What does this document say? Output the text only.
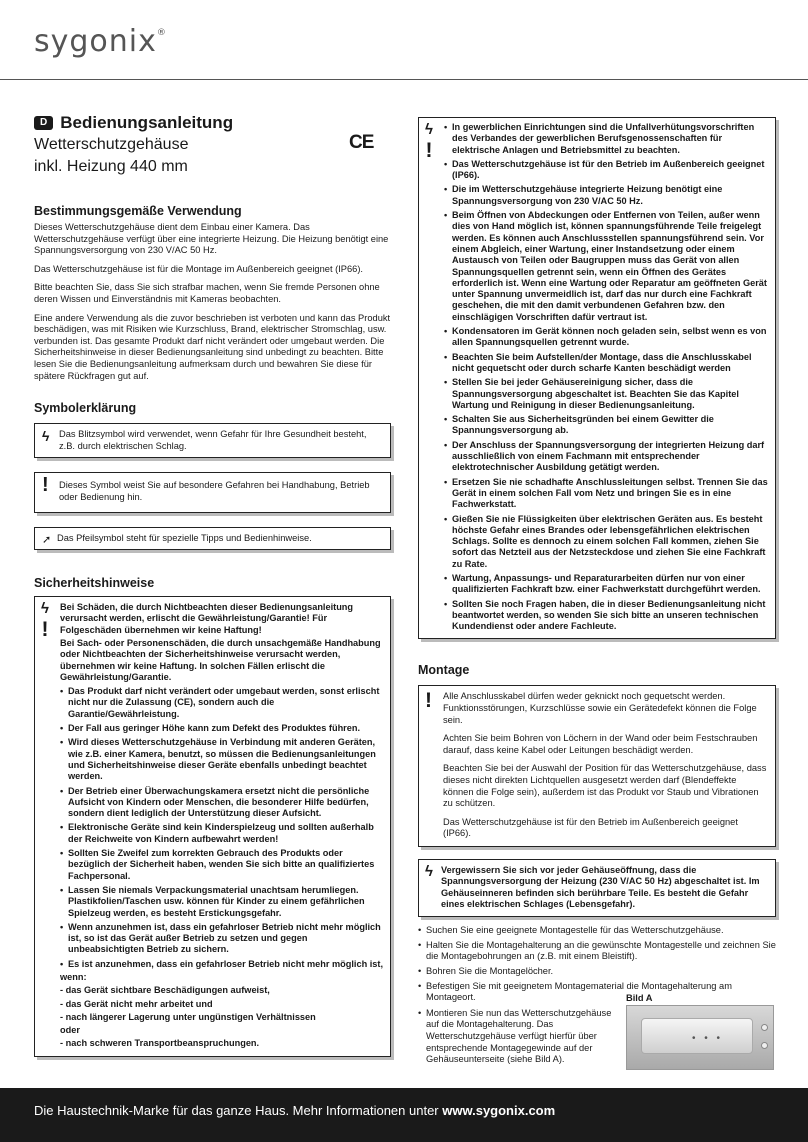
sygonix®
D Bedienungsanleitung
Wetterschutzgehäuse
inkl. Heizung 440 mm
Bestimmungsgemäße Verwendung

Dieses Wetterschutzgehäuse dient dem Einbau einer Kamera. Das Wetterschutzgehäuse verfügt über eine integrierte Heizung. Die Heizung benötigt eine Spannungsversorgung von 230 V/AC 50 Hz.

Das Wetterschutzgehäuse ist für die Montage im Außenbereich geeignet (IP66).

Bitte beachten Sie, dass Sie sich strafbar machen, wenn Sie fremde Personen ohne deren Wissen und Einverständnis mit Kameras beobachten.

Eine andere Verwendung als die zuvor beschrieben ist verboten und kann das Produkt beschädigen, was mit Risiken wie Kurzschluss, Brand, elektrischer Stromschlag, usw. verbunden ist. Das gesamte Produkt darf nicht verändert oder umgebaut werden. Die Sicherheitshinweise in dieser Bedienungsanleitung sind unbedingt zu beachten. Bitte lesen Sie die Bedienungsanleitung aufmerksam durch und bewahren Sie diese für spätere Rückfragen gut auf.

Symbolerklärung
ϟ Das Blitzsymbol wird verwendet, wenn Gefahr für Ihre Gesundheit besteht, z.B. durch elektrischen Schlag.
! Dieses Symbol weist Sie auf besondere Gefahren bei Handhabung, Betrieb oder Bedienung hin.
➚ Das Pfeilsymbol steht für spezielle Tipps und Bedienhinweise.
Sicherheitshinweise
ϟ
!
Bei Schäden, die durch Nichtbeachten dieser Bedienungsanleitung verursacht werden, erlischt die Gewährleistung/Garantie! Für Folgeschäden übernehmen wir keine Haftung!
Bei Sach- oder Personenschäden, die durch unsachgemäße Handhabung oder Nichtbeachten der Sicherheitshinweise verursacht werden, übernehmen wir keine Haftung. In solchen Fällen erlischt die Gewährleistung/Garantie.
• Das Produkt darf nicht verändert oder umgebaut werden, sonst erlischt nicht nur die Zulassung (CE), sondern auch die Garantie/Gewährleistung.
• Der Fall aus geringer Höhe kann zum Defekt des Produktes führen.
• Wird dieses Wetterschutzgehäuse in Verbindung mit anderen Geräten, wie z.B. einer Kamera, benutzt, so müssen die Bedienungsanleitungen und Sicherheitshinweise dieser Geräte ebenfalls unbedingt beachtet werden.
• Der Betrieb einer Überwachungskamera ersetzt nicht die persönliche Aufsicht von Kindern oder Menschen, die besonderer Hilfe bedürfen, sondern dient lediglich der Unterstützung dieser Aufsicht.
• Elektronische Geräte sind kein Kinderspielzeug und sollten außerhalb der Reichweite von Kindern aufbewahrt werden!
• Sollten Sie Zweifel zum korrekten Gebrauch des Produkts oder bezüglich der Sicherheit haben, wenden Sie sich bitte an qualifiziertes Fachpersonal.
• Lassen Sie niemals Verpackungsmaterial unachtsam herumliegen. Plastikfolien/Taschen usw. können für Kinder zu einem gefährlichen Spielzeug werden, es besteht Erstickungsgefahr.
• Wenn anzunehmen ist, dass ein gefahrloser Betrieb nicht mehr möglich ist, so ist das Gerät außer Betrieb zu setzen und gegen unbeabsichtigten Betrieb zu sichern.
• Es ist anzunehmen, dass ein gefahrloser Betrieb nicht mehr möglich ist,
wenn:
- das Gerät sichtbare Beschädigungen aufweist,
- das Gerät nicht mehr arbeitet und
- nach längerer Lagerung unter ungünstigen Verhältnissen
oder
- nach schweren Transportbeanspruchungen.
CE
ϟ
!
• In gewerblichen Einrichtungen sind die Unfallverhütungsvorschriften des Verbandes der gewerblichen Berufsgenossenschaften für elektrische Anlagen und Betriebsmittel zu beachten.
• Das Wetterschutzgehäuse ist für den Betrieb im Außenbereich geeignet (IP66).
• Die im Wetterschutzgehäuse integrierte Heizung benötigt eine Spannungsversorgung von 230 V/AC 50 Hz.
• Beim Öffnen von Abdeckungen oder Entfernen von Teilen, außer wenn dies von Hand möglich ist, können spannungsführende Teile freigelegt werden. Es können auch Anschlussstellen spannungsführend sein. Vor einem Abgleich, einer Wartung, einer Instandsetzung oder einem Austausch von Teilen oder Baugruppen muss das Gerät von allen Spannungsquellen getrennt sein, wenn ein Öffnen des Gerätes erforderlich ist. Wenn eine Wartung oder Reparatur am geöffneten Gerät unter Spannung unvermeidlich ist, darf das nur durch eine Fachkraft geschehen, die mit den damit verbundenen Gefahren bzw. den einschlägigen Vorschriften dafür vertraut ist.
• Kondensatoren im Gerät können noch geladen sein, selbst wenn es von allen Spannungsquellen getrennt wurde.
• Beachten Sie beim Aufstellen/der Montage, dass die Anschlusskabel nicht gequetscht oder durch scharfe Kanten beschädigt werden
• Stellen Sie bei jeder Gehäusereinigung sicher, dass die Spannungsversorgung abgeschaltet ist. Beachten Sie das Kapitel Wartung und Reinigung in dieser Bedienungsanleitung.
• Schalten Sie aus Sicherheitsgründen bei einem Gewitter die Spannungsversorgung ab.
• Der Anschluss der Spannungsversorgung der integrierten Heizung darf ausschließlich von einem Fachmann mit entsprechender elektrotechnischer Ausbildung getätigt werden.
• Ersetzen Sie nie schadhafte Anschlussleitungen selbst. Trennen Sie das Gerät in einem solchen Fall vom Netz und bringen Sie es in eine Fachwerkstatt.
• Gießen Sie nie Flüssigkeiten über elektrischen Geräten aus. Es besteht höchste Gefahr eines Brandes oder lebensgefährlichen elektrischen Schlags. Sollte es dennoch zu einem solchen Fall kommen, ziehen Sie sofort das Netzteil aus der Netzsteckdose und ziehen Sie eine Fachkraft zu Rate.
• Wartung, Anpassungs- und Reparaturarbeiten dürfen nur von einer qualifizierten Fachkraft bzw. einer Fachwerkstatt durchgeführt werden.
• Sollten Sie noch Fragen haben, die in dieser Bedienungsanleitung nicht beantwortet werden, so wenden Sie sich bitte an unseren technischen Kundendienst oder andere Fachleute.
Montage
! Alle Anschlusskabel dürfen weder geknickt noch gequetscht werden. Funktionsstörungen, Kurzschlüsse sowie ein Gerätedefekt können die Folge sein.

Achten Sie beim Bohren von Löchern in der Wand oder beim Festschrauben darauf, dass keine Kabel oder Leitungen beschädigt werden.

Beachten Sie bei der Auswahl der Position für das Wetterschutzgehäuse, dass dieses nicht direkten Lichtquellen ausgesetzt werden darf (Blendeffekte können die Folge sein), außerdem ist das Produkt vor Staub und Vibrationen zu schützen.

Das Wetterschutzgehäuse ist für den Betrieb im Außenbereich geeignet (IP66).

ϟ Vergewissern Sie sich vor jeder Gehäuseöffnung, dass die Spannungsversorgung der Heizung (230 V/AC 50 Hz) abgeschaltet ist. Im Gehäuseinneren befinden sich berührbare Teile. Es besteht die Gefahr eines elektrischen Schlages (Lebensgefahr).
• Suchen Sie eine geeignete Montagestelle für das Wetterschutzgehäuse.
• Halten Sie die Montagehalterung an die gewünschte Montagestelle und zeichnen Sie die Montagebohrungen an (z.B. mit einem Bleistift).
• Bohren Sie die Montagelöcher.
• Befestigen Sie mit geeignetem Montagematerial die Montagehalterung am Montageort.
• Montieren Sie nun das Wetterschutzgehäuse auf die Montagehalterung. Das Wetterschutzgehäuse verfügt hierfür über entsprechende Montagegewinde auf der Gehäuseunterseite (siehe Bild A).
Bild A
• • •
Die Haustechnik-Marke für das ganze Haus. Mehr Informationen unter www.sygonix.com
